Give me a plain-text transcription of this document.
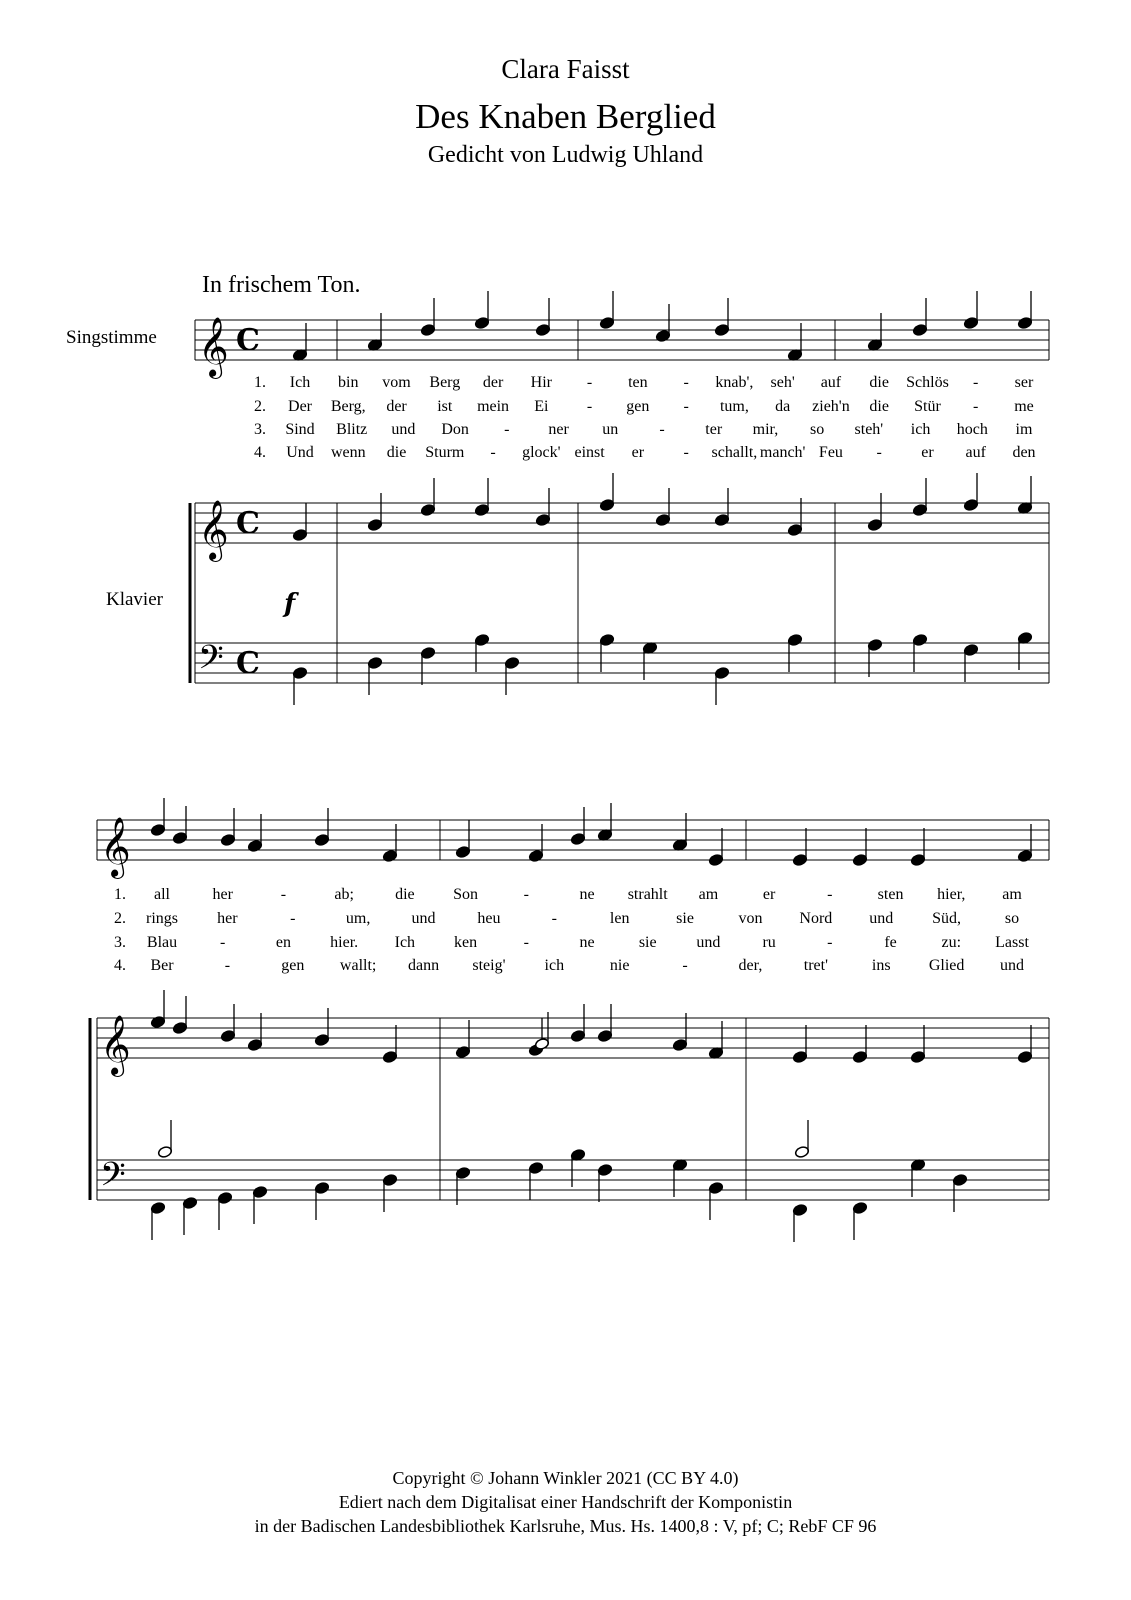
Clara Faisst
Des Knaben Berglied
Gedicht von Ludwig Uhland
In frischem Ton.
Singstimme
Klavier
𝄞
𝄞
𝄢
C
C
C
𝄞
𝄞
𝄢
f
1. Ich bin vom Berg der Hir - ten - knab', seh' auf die Schlös - ser
2. Der Berg, der ist mein Ei - gen - tum, da zieh'n die Stür - me
3. Sind Blitz und Don - ner un	-	ter mir, so steh' ich hoch im
4. Und wenn die Sturm - glock' einst er - schallt, manch' Feu - er auf den
1. all	her	-	ab;	die Son	-	ne strahlt am	er	-	sten hier, am
2. rings her	-	um,	und	heu	-	len	sie	von Nord und Süd,	so
3. Blau	-	en hier. Ich ken	-	ne	sie und	ru	-	fe	zu: Lasst
4. Ber	-	gen wallt; dann steig' ich	nie	-	der,	tret'	ins Glied und
Copyright © Johann Winkler 2021 (CC BY 4.0)
Ediert nach dem Digitalisat einer Handschrift der Komponistin
in der Badischen Landesbibliothek Karlsruhe, Mus. Hs. 1400,8 : V, pf; C; RebF CF 96
